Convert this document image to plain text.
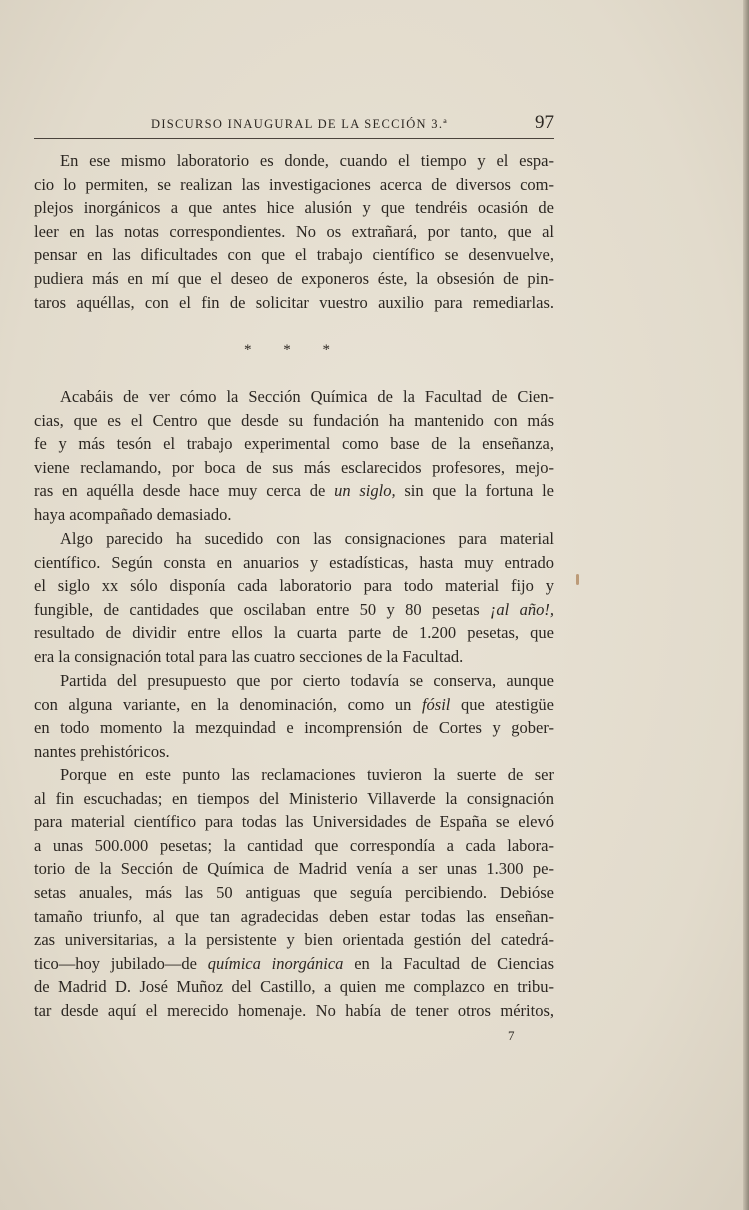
DISCURSO INAUGURAL DE LA SECCIÓN 3.ª	97
En ese mismo laboratorio es donde, cuando el tiempo y el espa-
cio lo permiten, se realizan las investigaciones acerca de diversos com-
plejos inorgánicos a que antes hice alusión y que tendréis ocasión de
leer en las notas correspondientes. No os extrañará, por tanto, que al
pensar en las dificultades con que el trabajo científico se desenvuelve,
pudiera más en mí que el deseo de exponeros éste, la obsesión de pin-
taros aquéllas, con el fin de solicitar vuestro auxilio para remediarlas.
* * *
Acabáis de ver cómo la Sección Química de la Facultad de Cien-
cias, que es el Centro que desde su fundación ha mantenido con más
fe y más tesón el trabajo experimental como base de la enseñanza,
viene reclamando, por boca de sus más esclarecidos profesores, mejo-
ras en aquélla desde hace muy cerca de un siglo, sin que la fortuna le
haya acompañado demasiado.
Algo parecido ha sucedido con las consignaciones para material
científico. Según consta en anuarios y estadísticas, hasta muy entrado
el siglo xx sólo disponía cada laboratorio para todo material fijo y
fungible, de cantidades que oscilaban entre 50 y 80 pesetas ¡al año!,
resultado de dividir entre ellos la cuarta parte de 1.200 pesetas, que
era la consignación total para las cuatro secciones de la Facultad.
Partida del presupuesto que por cierto todavía se conserva, aunque
con alguna variante, en la denominación, como un fósil que atestigüe
en todo momento la mezquindad e incomprensión de Cortes y gober-
nantes prehistóricos.
Porque en este punto las reclamaciones tuvieron la suerte de ser
al fin escuchadas; en tiempos del Ministerio Villaverde la consignación
para material científico para todas las Universidades de España se elevó
a unas 500.000 pesetas; la cantidad que correspondía a cada labora-
torio de la Sección de Química de Madrid venía a ser unas 1.300 pe-
setas anuales, más las 50 antiguas que seguía percibiendo. Debióse
tamaño triunfo, al que tan agradecidas deben estar todas las enseñan-
zas universitarias, a la persistente y bien orientada gestión del catedrá-
tico—hoy jubilado—de química inorgánica en la Facultad de Ciencias
de Madrid D. José Muñoz del Castillo, a quien me complazco en tribu-
tar desde aquí el merecido homenaje. No había de tener otros méritos,
7
